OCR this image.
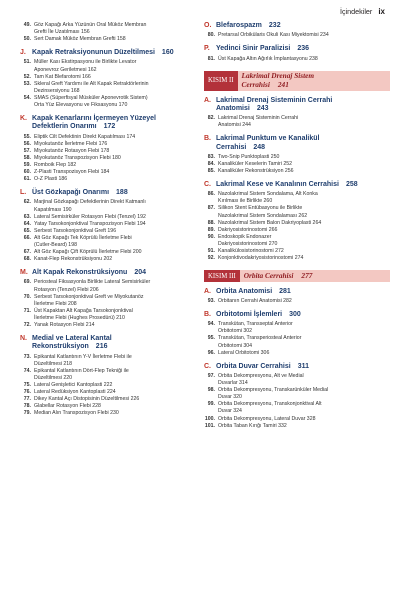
İçindekiler ix
49. Göz Kapağı Arka Yüzünün Oral Müköz Membran
Grefti İle Uzatılması 156
50. Sert Damak Müköz Membran Grefti 158
J. Kapak Retraksiyonunun Düzeltilmesi	160
51. Müller Kası Ekstirpasyonu ile Birlikte Levator
Aponevroz Geriletmesi 162
52. Tam Kat Blefarotomi 166
53. Skleral Greft Yardımı ile Alt Kapak Retraktörlerinin
Dezinsersiyonu 168
54. SMAS (Süperfisyal Müsküler Aponevrotik Sistem)
Orta Yüz Elevasyonu ve Fiksasyonu 170
K. Kapak Kenarlarını İçermeyen Yüzeyel
Defektlerin Onarımı	172
55. Eliptik Cilt Defektinin Direkt Kapatılması 174
56. Miyokutanöz İlerletme Flebi 176
57. Miyokutanöz Rotasyon Flebi 178
58. Miyokutanöz Transpozisyon Flebi 180
59. Romboik Flep 182
60. Z-Plasti Transpozisyon Flebi 184
61. O-Z Plasti 186
L. Üst Gözkapağı Onarımı	188
62. Marjinal Gözkapağı Defektlerinin Direkt Katmanlı
Kapatılması 190
63. Lateral Semisirküler Rotasyon Flebi (Tenzel) 192
64. Yatay Tarsokonjonktival Transpozisyon Flebi 194
65. Serbest Tarsokonjonktival Greft 196
66. Alt Göz Kapağı Tek Köprülü İlerletme Flebi
(Cutler-Beard) 198
67. Alt Göz Kapağı Çift Köprülü İlerletme Flebi 200
68. Kanat-Flep Rekonstrüksiyonu 202
M. Alt Kapak Rekonstrüksiyonu	204
69. Periosteal Fiksasyonla Birlikte Lateral Semisirküler
Rotasyon (Tenzel) Flebi 206
70. Serbest Tarsokonjonktival Greft ve Miyokutanöz
İlerletme Flebi 208
71. Üst Kapaktan Alt Kapağa Tarsokonjonktival
İlerletme Flebi (Hughes Prosedürü) 210
72. Yanak Rotasyon Flebi 214
N. Medial ve Lateral Kantal
Rekonstrüksiyon	216
73. Epikantal Katlantının Y-V İlerletme Flebi ile
Düzeltilmesi 218
74. Epikantal Katlantının Dört-Flep Tekniği ile
Düzeltilmesi 220
75. Lateral Genişletici Kantoplasti 222
76. Lateral Redüksiyon Kantoplasti 224
77. Dikey Kantal Açı Distopisinin Düzeltilmesi 226
78. Glabellar Rotasyon Flebi 228
79. Median Alın Transpozisyon Flebi 230
O. Blefarospazm	232
80. Pretarsal Orbikülaris Okuli Kası Miyektomisi 234
P. Yedinci Sinir Paralizisi	236
81. Üst Kapağa Altın Ağırlık İmplantasyonu 238
KISIM II
Lakrimal Drenaj Sistem
Cerrahisi 241
A. Lakrimal Drenaj Sisteminin Cerrahi
Anatomisi	243
82. Lakrimal Drenaj Sisteminin Cerrahi
Anatomisi 244
B. Lakrimal Punktum ve Kanalikül
Cerrahisi	248
83. Two-Snip Punktoplasti 250
84. Kanaliküler Keselerin Tamiri 252
85. Kanaliküler Rekonstrüksiyon 256
C. Lakrimal Kese ve Kanalının Cerrahisi	258
86. Nazolakrimal Sistem Sondalama, Alt Konka
Kırılması ile Birlikte 260
87. Silikon Stent Entübasyonu ile Birlikte
Nazolakrimal Sistem Sondalaması 262
88. Nazolakrimal Sistem Balon Dakriyoplasti 264
89. Dakriyosistorinostomi 266
90. Endoskopik Endonazer
Dakriyosistorinostomi 270
91. Kanalikülosistorinostomi 272
92. Konjonktivodakriyosistorinostomi 274
KISIM III	Orbita Cerrahisi 277
A. Orbita Anatomisi	281
93. Orbitanın Cerrahi Anatomisi 282
B. Orbitotomi İşlemleri	300
94. Transkütan, Transseptal Anterior
Orbitotomi 302
95. Transkütan, Transperiosteal Anterior
Orbitotomi 304
96. Lateral Orbitotomi 306
C. Orbita Duvar Cerrahisi	311
97. Orbita Dekompresyonu, Alt ve Medial
Duvarlar 314
98. Orbita Dekompresyonu, Transkarünküler Medial
Duvar 320
99. Orbita Dekompresyonu, Transkonjonktival Alt
Duvar 324
100. Orbita Dekompresyonu, Lateral Duvar 328
101. Orbita Taban Kırığı Tamiri 332
